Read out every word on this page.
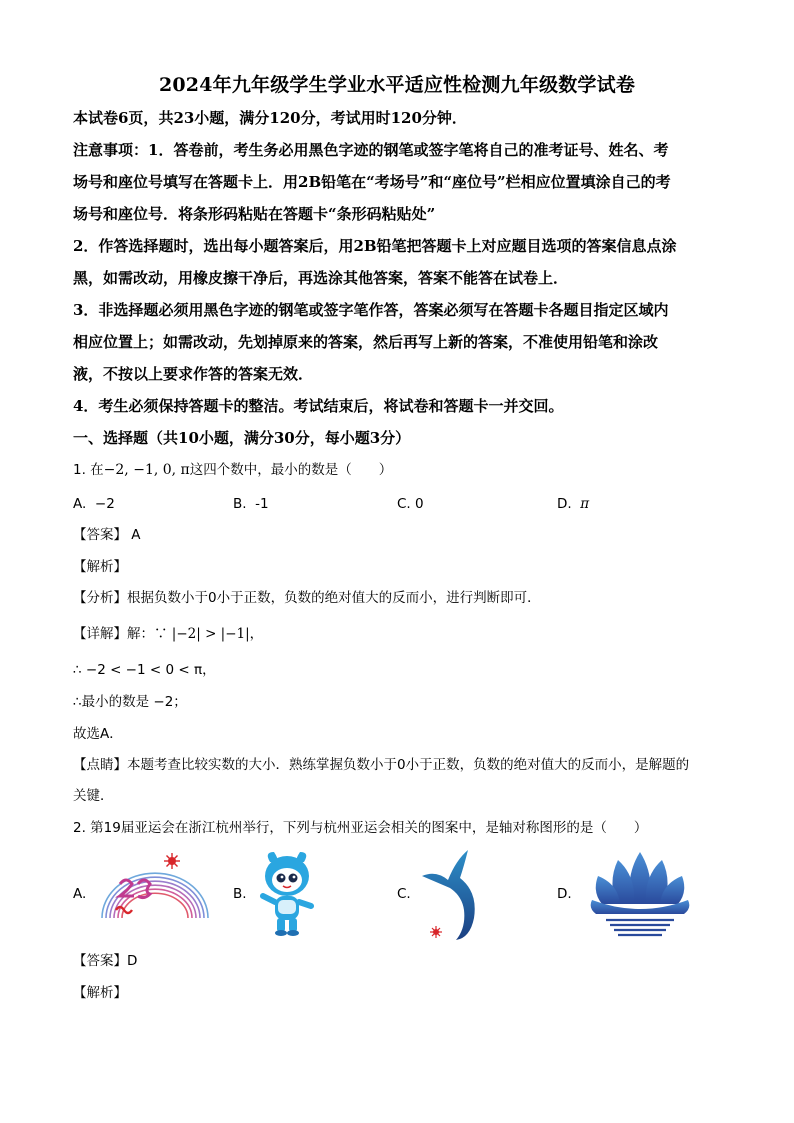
2024年九年级学生学业水平适应性检测九年级数学试卷
本试卷6页，共23小题，满分120分，考试用时120分钟．
注意事项：1．答卷前，考生务必用黑色字迹的钢笔或签字笔将自己的准考证号、姓名、考
场号和座位号填写在答题卡上．用2B铅笔在“考场号”和“座位号”栏相应位置填涂自己的考
场号和座位号．将条形码粘贴在答题卡“条形码粘贴处”
2．作答选择题时，选出每小题答案后，用2B铅笔把答题卡上对应题目选项的答案信息点涂
黑，如需改动，用橡皮擦干净后，再选涂其他答案，答案不能答在试卷上．
3．非选择题必须用黑色字迹的钢笔或签字笔作答，答案必须写在答题卡各题目指定区域内
相应位置上；如需改动，先划掉原来的答案，然后再写上新的答案，不准使用铅笔和涂改
液，不按以上要求作答的答案无效．
4．考生必须保持答题卡的整洁。考试结束后，将试卷和答题卡一并交回。
一、选择题（共10小题，满分30分，每小题3分）
1. 在−2, −1, 0, π这四个数中，最小的数是（　　）
A. −2	B. -1	C. 0	D. π
【答案】 A
【解析】
【分析】根据负数小于0小于正数，负数的绝对值大的反而小，进行判断即可．
【详解】解：∵ |−2| > |−1|，
∴ −2 < −1 < 0 < π，
∴最小的数是 −2；
故选A．
【点睛】本题考查比较实数的大小．熟练掌握负数小于0小于正数，负数的绝对值大的反而小，是解题的
关键．
2. 第19届亚运会在浙江杭州举行，下列与杭州亚运会相关的图案中，是轴对称图形的是（　　）
A.	B.	C.	D.
【答案】D
【解析】
